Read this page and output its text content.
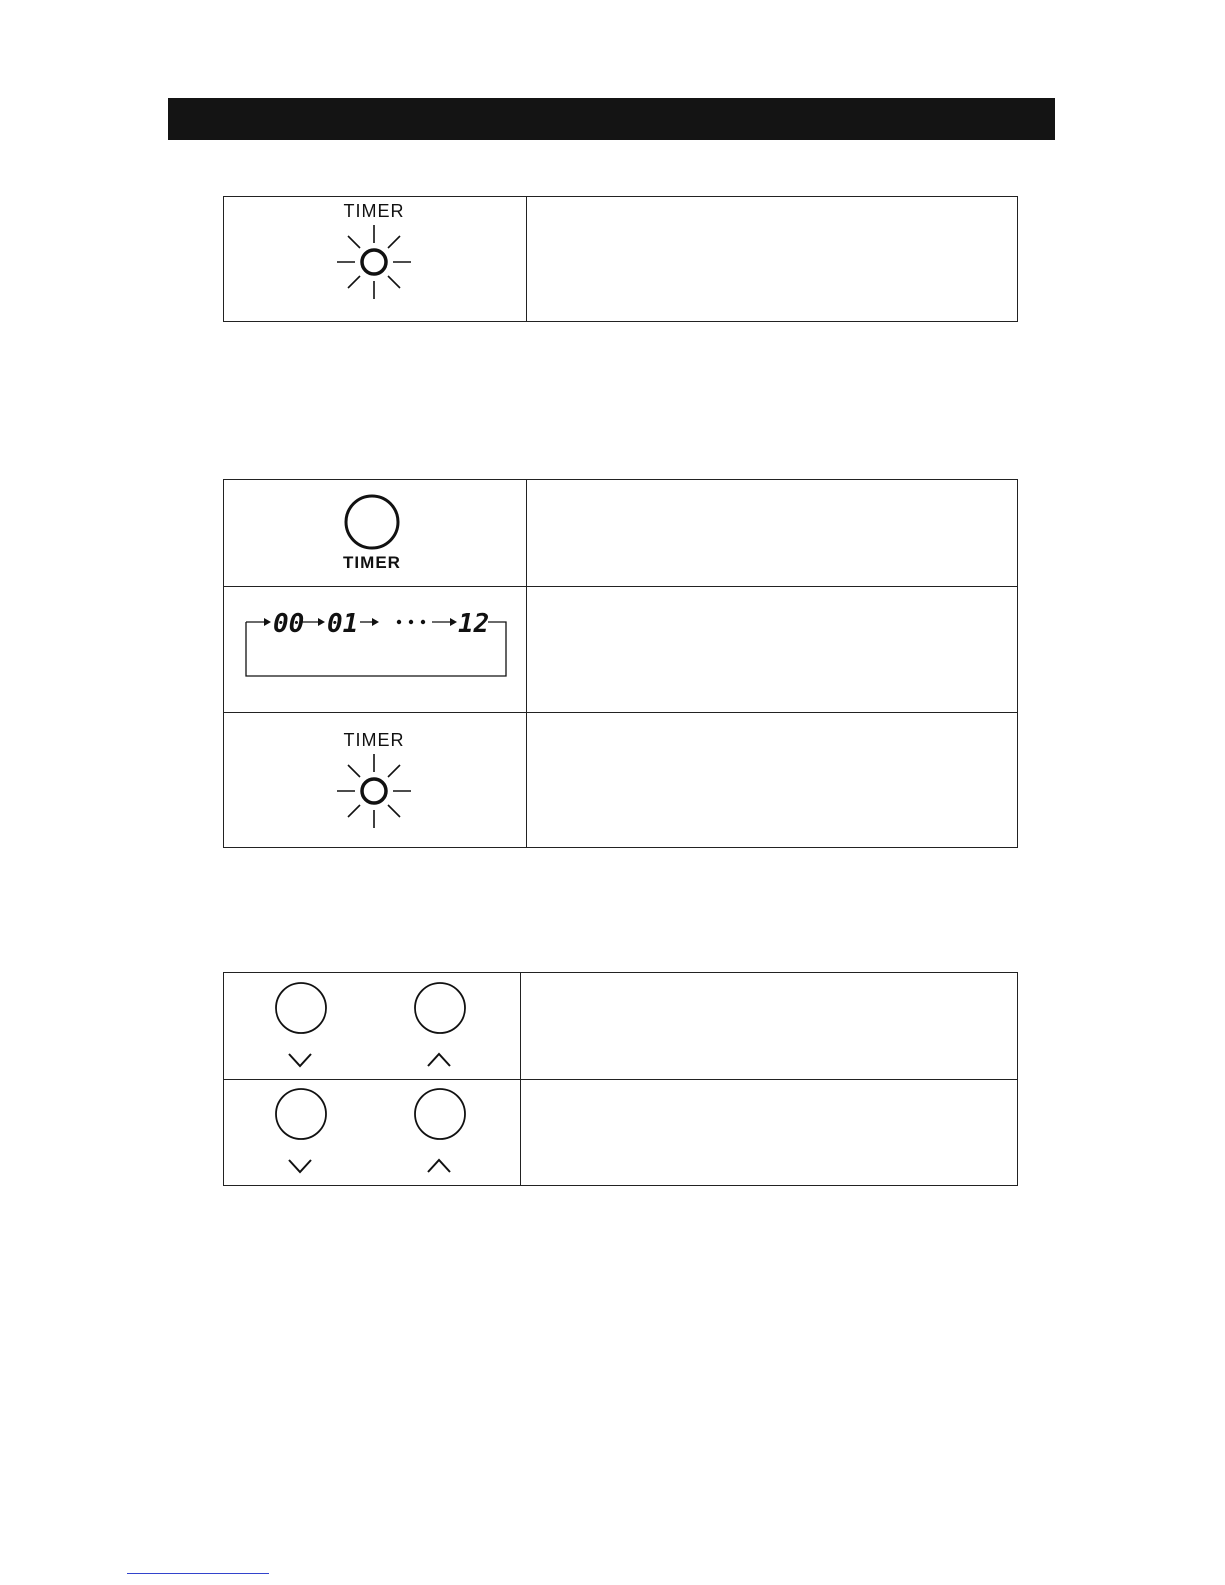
TIMER
TIMER
00 01	12
TIMER
